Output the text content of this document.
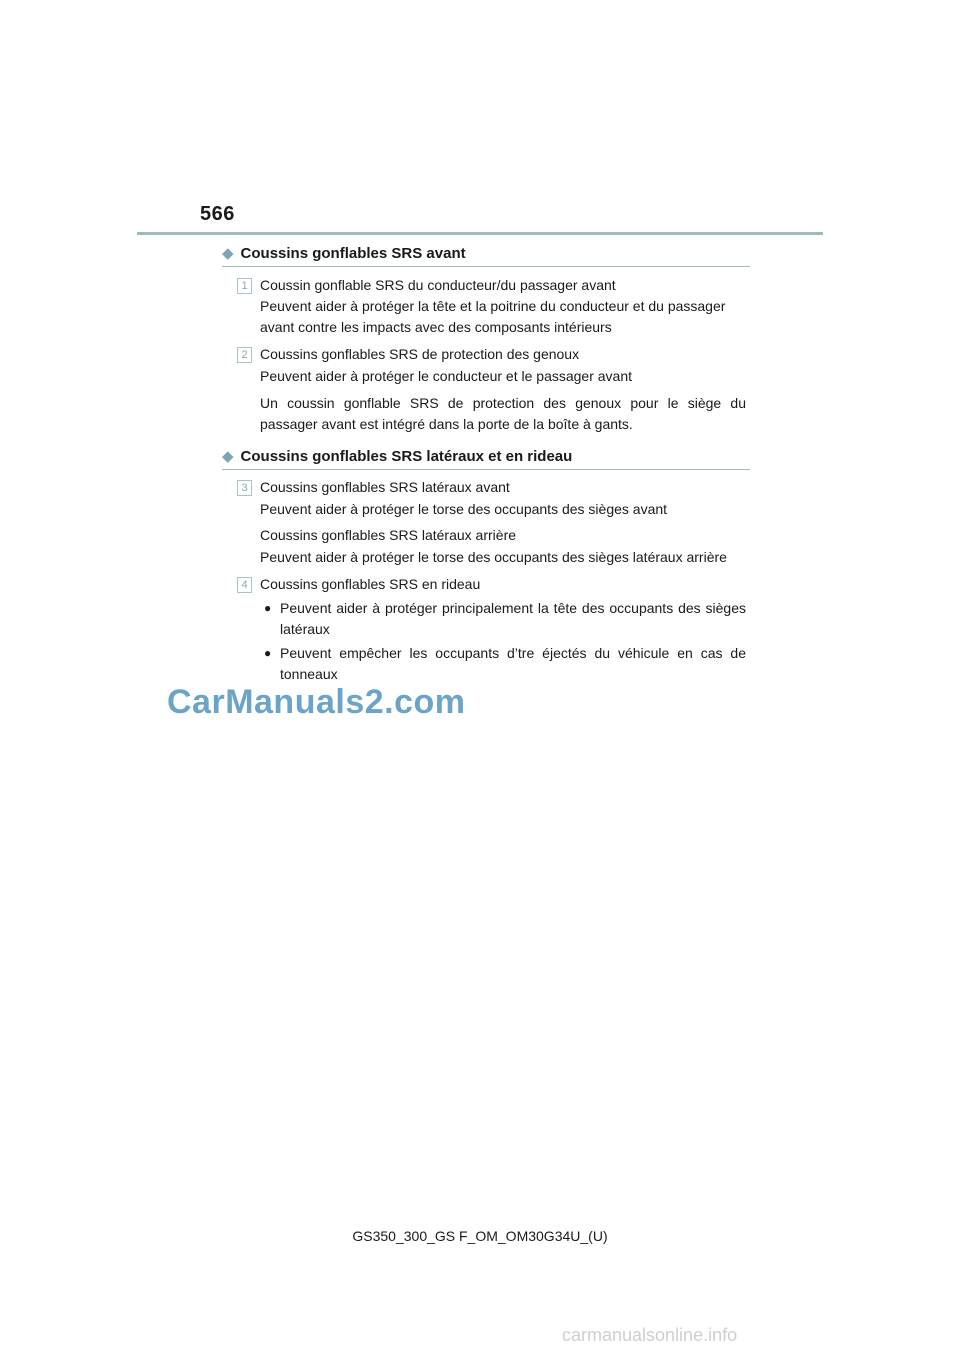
566
◆ Coussins gonflables SRS avant
1 Coussin gonflable SRS du conducteur/du passager avant
Peuvent aider à protéger la tête et la poitrine du conducteur et du passager avant contre les impacts avec des composants intérieurs
2 Coussins gonflables SRS de protection des genoux
Peuvent aider à protéger le conducteur et le passager avant
Un coussin gonflable SRS de protection des genoux pour le siège du passager avant est intégré dans la porte de la boîte à gants.
◆ Coussins gonflables SRS latéraux et en rideau
3 Coussins gonflables SRS latéraux avant
Peuvent aider à protéger le torse des occupants des sièges avant
Coussins gonflables SRS latéraux arrière
Peuvent aider à protéger le torse des occupants des sièges latéraux arrière
4 Coussins gonflables SRS en rideau
● Peuvent aider à protéger principalement la tête des occupants des sièges latéraux
● Peuvent empêcher les occupants d’tre éjectés du véhicule en cas de tonneaux
CarManuals2.com
GS350_300_GS F_OM_OM30G34U_(U)
carmanualsonline.info
